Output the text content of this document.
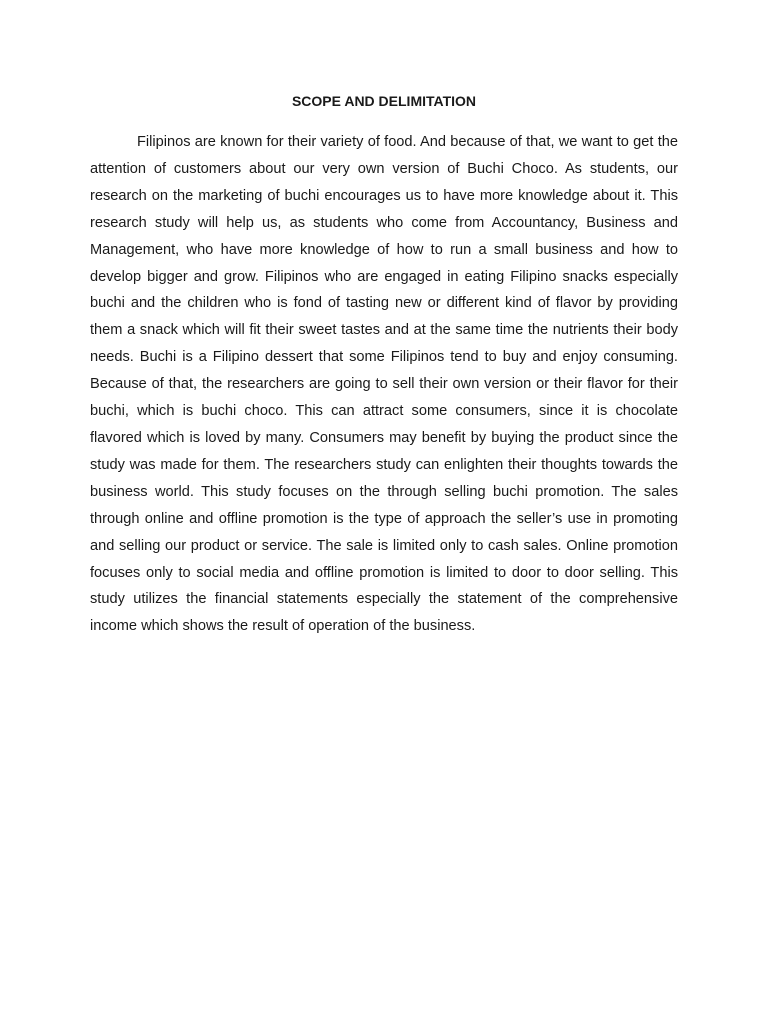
SCOPE AND DELIMITATION

Filipinos are known for their variety of food. And because of that, we want to get the attention of customers about our very own version of Buchi Choco. As students, our research on the marketing of buchi encourages us to have more knowledge about it. This research study will help us, as students who come from Accountancy, Business and Management, who have more knowledge of how to run a small business and how to develop bigger and grow. Filipinos who are engaged in eating Filipino snacks especially buchi and the children who is fond of tasting new or different kind of flavor by providing them a snack which will fit their sweet tastes and at the same time the nutrients their body needs. Buchi is a Filipino dessert that some Filipinos tend to buy and enjoy consuming. Because of that, the researchers are going to sell their own version or their flavor for their buchi, which is buchi choco. This can attract some consumers, since it is chocolate flavored which is loved by many. Consumers may benefit by buying the product since the study was made for them. The researchers study can enlighten their thoughts towards the business world. This study focuses on the through selling buchi promotion. The sales through online and offline promotion is the type of approach the seller’s use in promoting and selling our product or service. The sale is limited only to cash sales. Online promotion focuses only to social media and offline promotion is limited to door to door selling. This study utilizes the financial statements especially the statement of the comprehensive income which shows the result of operation of the business.
